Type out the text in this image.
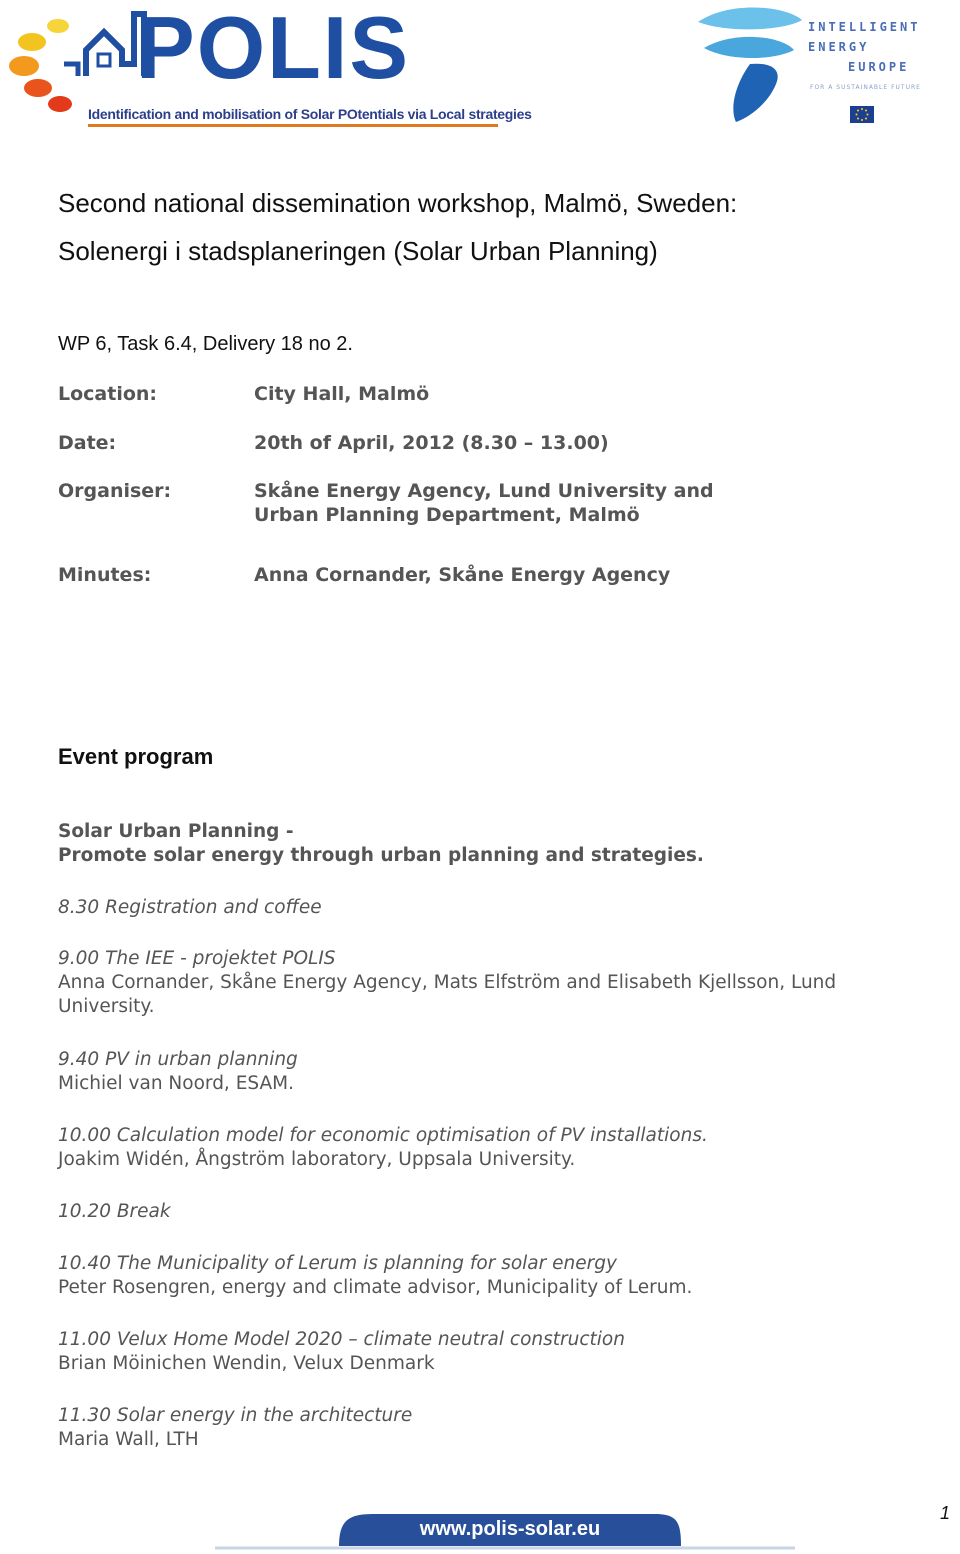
POLIS
Identification and mobilisation of Solar POtentials via Local strategies
INTELLIGENT
ENERGY
EUROPE
FOR A SUSTAINABLE FUTURE
Second national dissemination workshop, Malmö, Sweden:
Solenergi i stadsplaneringen (Solar Urban Planning)
WP 6, Task 6.4, Delivery 18 no 2.
Location:	City Hall, Malmö
Date:	20th of April, 2012 (8.30 – 13.00)
Organiser:	Skåne Energy Agency, Lund University and
Urban Planning Department, Malmö
Minutes:	Anna Cornander, Skåne Energy Agency
Event program
Solar Urban Planning -
Promote solar energy through urban planning and strategies.
8.30 Registration and coffee
9.00 The IEE - projektet POLIS
Anna Cornander, Skåne Energy Agency, Mats Elfström and Elisabeth Kjellsson, Lund
University.
9.40 PV in urban planning
Michiel van Noord, ESAM.
10.00 Calculation model for economic optimisation of PV installations.
Joakim Widén, Ångström laboratory, Uppsala University.
10.20 Break
10.40 The Municipality of Lerum is planning for solar energy
Peter Rosengren, energy and climate advisor, Municipality of Lerum.
11.00 Velux Home Model 2020 – climate neutral construction
Brian Möinichen Wendin, Velux Denmark
11.30 Solar energy in the architecture
Maria Wall, LTH
www.polis-solar.eu
1
